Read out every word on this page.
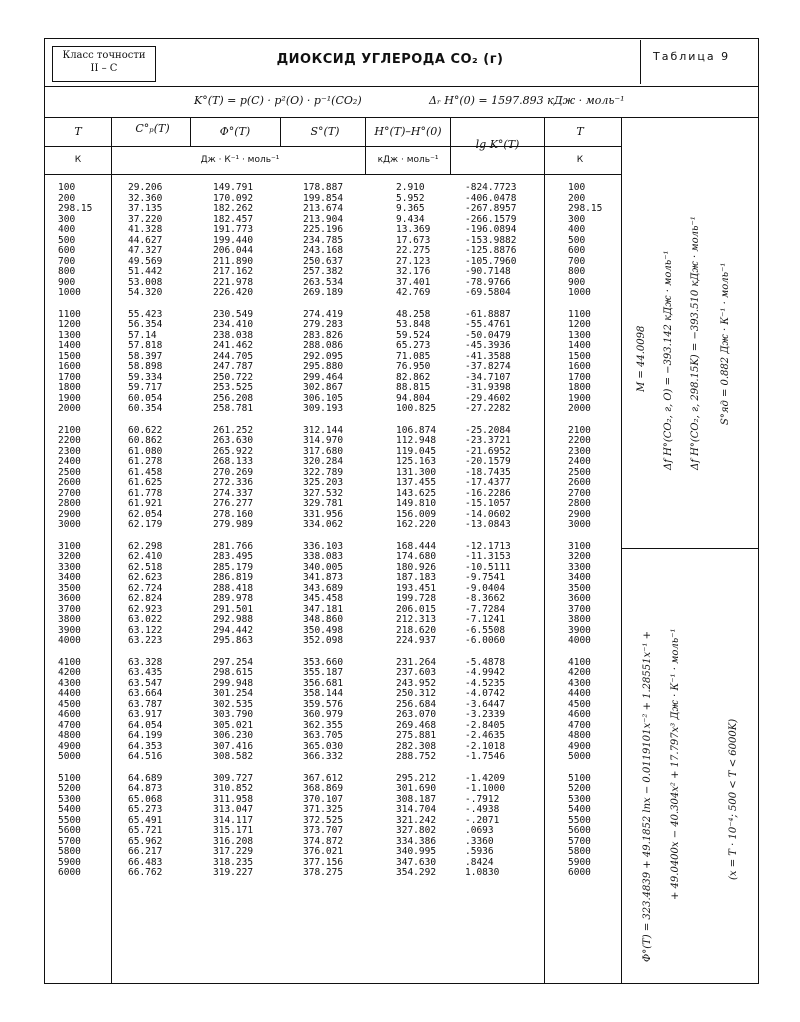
Класс точности
II – C
ДИОКСИД УГЛЕРОДА CO₂ (г)	Таблица 9
K°(T) = p(C) · p²(O) · p⁻¹(CO₂)	Δᵣ H°(0) = 1597.893 кДж · моль⁻¹
T	C°ₚ(T)	Φ°(T)	S°(T)	H°(T)–H°(0)
lg K°(T)
T
К	Дж · К⁻¹ · моль⁻¹	кДж · моль⁻¹	К
100	29.206	149.791	178.887	2.910	-824.7723	100
200	32.360	170.092	199.854	5.952	-406.0478	200
298.15	37.135	182.262	213.674	9.365	-267.8957	298.15
300	37.220	182.457	213.904	9.434	-266.1579	300
400	41.328	191.773	225.196	13.369	-196.0894	400
500	44.627	199.440	234.785	17.673	-153.9882	500
600	47.327	206.044	243.168	22.275	-125.8876	600
700	49.569	211.890	250.637	27.123	-105.7960	700
800	51.442	217.162	257.382	32.176	-90.7148	800
900	53.008	221.978	263.534	37.401	-78.9766	900
1000	54.320	226.420	269.189	42.769	-69.5804	1000
1100	55.423	230.549	274.419	48.258	-61.8887	1100
1200	56.354	234.410	279.283	53.848	-55.4761	1200
1300	57.14	238.038	283.826	59.524	-50.0479	1300
1400	57.818	241.462	288.086	65.273	-45.3936	1400
1500	58.397	244.705	292.095	71.085	-41.3588	1500
1600	58.898	247.787	295.880	76.950	-37.8274	1600
1700	59.334	250.722	299.464	82.862	-34.7107	1700
1800	59.717	253.525	302.867	88.815	-31.9398	1800
1900	60.054	256.208	306.105	94.804	-29.4602	1900
2000	60.354	258.781	309.193	100.825	-27.2282	2000
2100	60.622	261.252	312.144	106.874	-25.2084	2100
2200	60.862	263.630	314.970	112.948	-23.3721	2200
2300	61.080	265.922	317.680	119.045	-21.6952	2300
2400	61.278	268.133	320.284	125.163	-20.1579	2400
2500	61.458	270.269	322.789	131.300	-18.7435	2500
2600	61.625	272.336	325.203	137.455	-17.4377	2600
2700	61.778	274.337	327.532	143.625	-16.2286	2700
2800	61.921	276.277	329.781	149.810	-15.1057	2800
2900	62.054	278.160	331.956	156.009	-14.0602	2900
3000	62.179	279.989	334.062	162.220	-13.0843	3000
3100	62.298	281.766	336.103	168.444	-12.1713	3100
3200	62.410	283.495	338.083	174.680	-11.3153	3200
3300	62.518	285.179	340.005	180.926	-10.5111	3300
3400	62.623	286.819	341.873	187.183	-9.7541	3400
3500	62.724	288.418	343.689	193.451	-9.0404	3500
3600	62.824	289.978	345.458	199.728	-8.3662	3600
3700	62.923	291.501	347.181	206.015	-7.7284	3700
3800	63.022	292.988	348.860	212.313	-7.1241	3800
3900	63.122	294.442	350.498	218.620	-6.5508	3900
4000	63.223	295.863	352.098	224.937	-6.0060	4000
4100	63.328	297.254	353.660	231.264	-5.4878	4100
4200	63.435	298.615	355.187	237.603	-4.9942	4200
4300	63.547	299.948	356.681	243.952	-4.5235	4300
4400	63.664	301.254	358.144	250.312	-4.0742	4400
4500	63.787	302.535	359.576	256.684	-3.6447	4500
4600	63.917	303.790	360.979	263.070	-3.2339	4600
4700	64.054	305.021	362.355	269.468	-2.8405	4700
4800	64.199	306.230	363.705	275.881	-2.4635	4800
4900	64.353	307.416	365.030	282.308	-2.1018	4900
5000	64.516	308.582	366.332	288.752	-1.7546	5000
5100	64.689	309.727	367.612	295.212	-1.4209	5100
5200	64.873	310.852	368.869	301.690	-1.1000	5200
5300	65.068	311.958	370.107	308.187	-.7912	5300
5400	65.273	313.047	371.325	314.704	-.4938	5400
5500	65.491	314.117	372.525	321.242	-.2071	5500
5600	65.721	315.171	373.707	327.802	.0693	5600
5700	65.962	316.208	374.872	334.386	.3360	5700
5800	66.217	317.229	376.021	340.995	.5936	5800
5900	66.483	318.235	377.156	347.630	.8424	5900
6000	66.762	319.227	378.275	354.292	1.0830	6000
M = 44.0098 Δf H°(CO₂, г, O) = −393.142 кДж · моль⁻¹ Δf H°(CO₂, г, 298.15K) = −393.510 кДж · моль⁻¹ S°яд = 0.882 Дж · К⁻¹ · моль⁻¹
Φ°(T) = 323.4839 + 49.1852 lnx − 0.0119101x⁻² + 1.28551x⁻¹ + + 49.0400x − 40.304x² + 17.797x³ Дж · К⁻¹ · моль⁻¹	(x = T · 10⁻⁴; 500 < T < 6000K)
